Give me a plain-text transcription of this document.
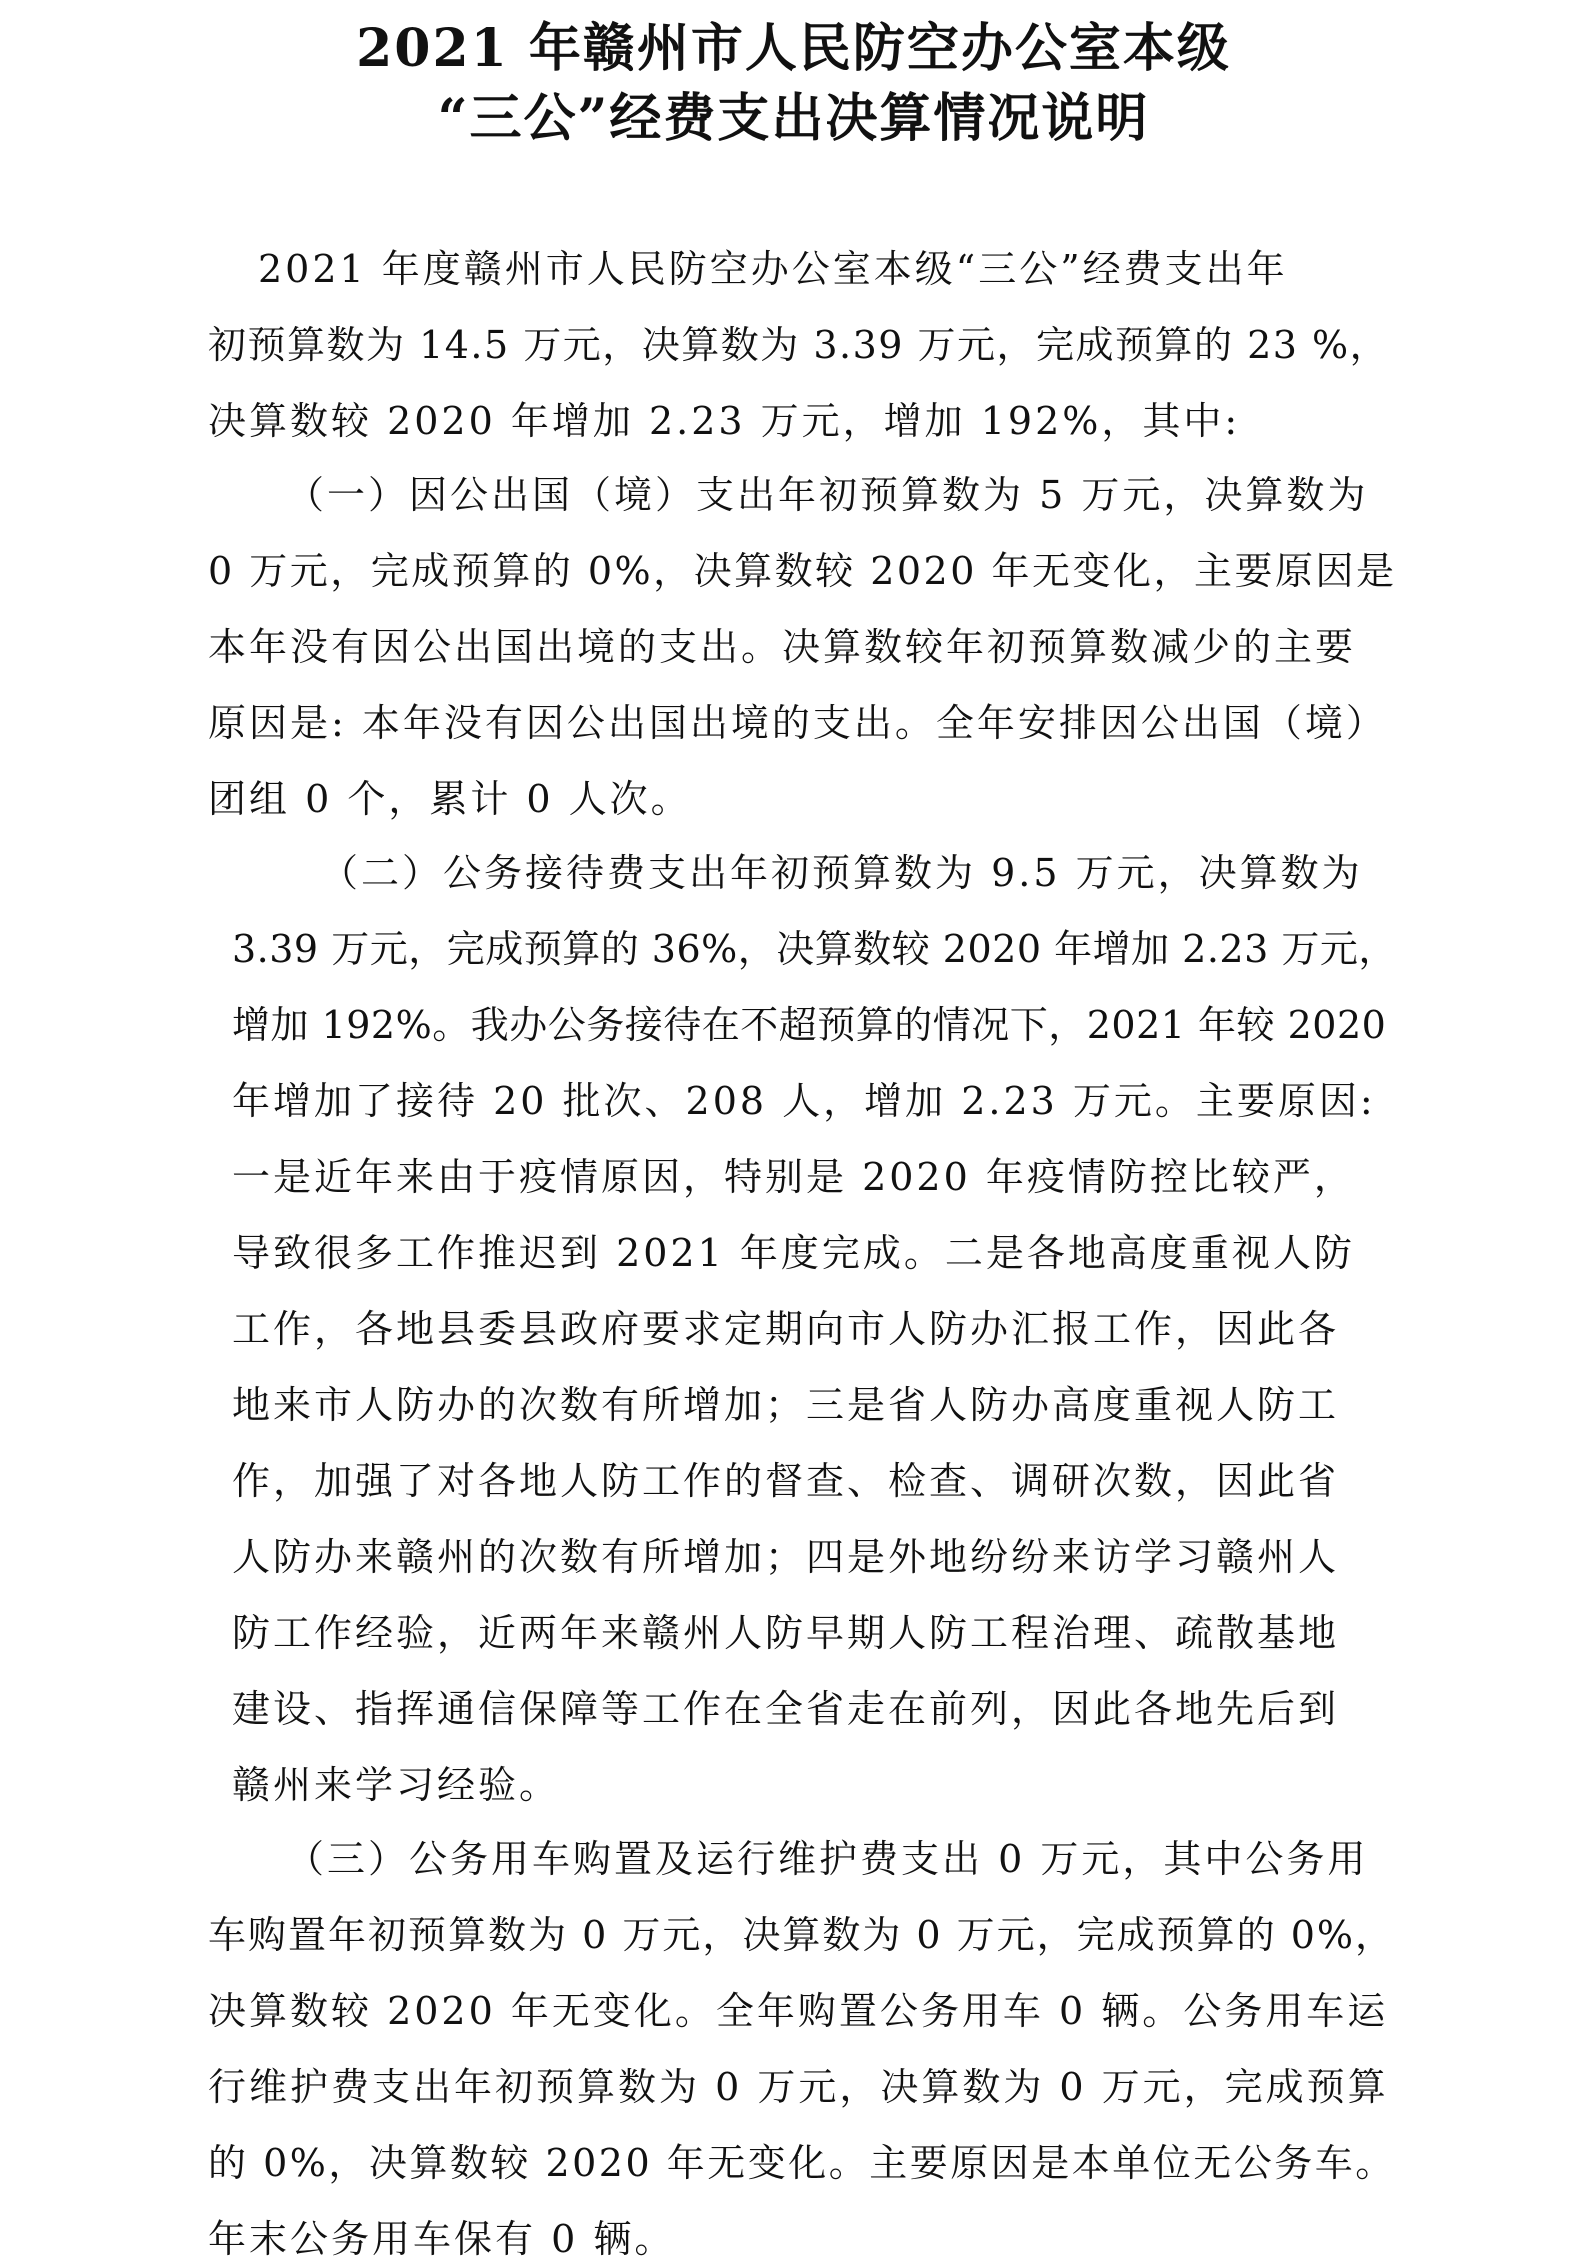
2021 年赣州市人民防空办公室本级
“三公”经费支出决算情况说明
2021 年度赣州市人民防空办公室本级“三公”经费支出年
初预算数为 14.5 万元，决算数为 3.39 万元，完成预算的 23 %，
决算数较 2020 年增加 2.23 万元，增加 192%，其中:
（一）因公出国（境）支出年初预算数为 5 万元，决算数为
0 万元，完成预算的 0%，决算数较 2020 年无变化，主要原因是
本年没有因公出国出境的支出。决算数较年初预算数减少的主要
原因是: 本年没有因公出国出境的支出。全年安排因公出国（境）
团组 0 个，累计 0 人次。
（二）公务接待费支出年初预算数为 9.5 万元，决算数为
3.39 万元，完成预算的 36%，决算数较 2020 年增加 2.23 万元，
增加 192%。我办公务接待在不超预算的情况下，2021 年较 2020
年增加了接待 20 批次、208 人，增加 2.23 万元。主要原因:
一是近年来由于疫情原因，特别是 2020 年疫情防控比较严，
导致很多工作推迟到 2021 年度完成。二是各地高度重视人防
工作，各地县委县政府要求定期向市人防办汇报工作，因此各
地来市人防办的次数有所增加；三是省人防办高度重视人防工
作，加强了对各地人防工作的督查、检查、调研次数，因此省
人防办来赣州的次数有所增加；四是外地纷纷来访学习赣州人
防工作经验，近两年来赣州人防早期人防工程治理、疏散基地
建设、指挥通信保障等工作在全省走在前列，因此各地先后到
赣州来学习经验。
（三）公务用车购置及运行维护费支出 0 万元，其中公务用
车购置年初预算数为 0 万元，决算数为 0 万元，完成预算的 0%，
决算数较 2020 年无变化。全年购置公务用车 0 辆。公务用车运
行维护费支出年初预算数为 0 万元，决算数为 0 万元，完成预算
的 0%，决算数较 2020 年无变化。主要原因是本单位无公务车。
年末公务用车保有 0 辆。
